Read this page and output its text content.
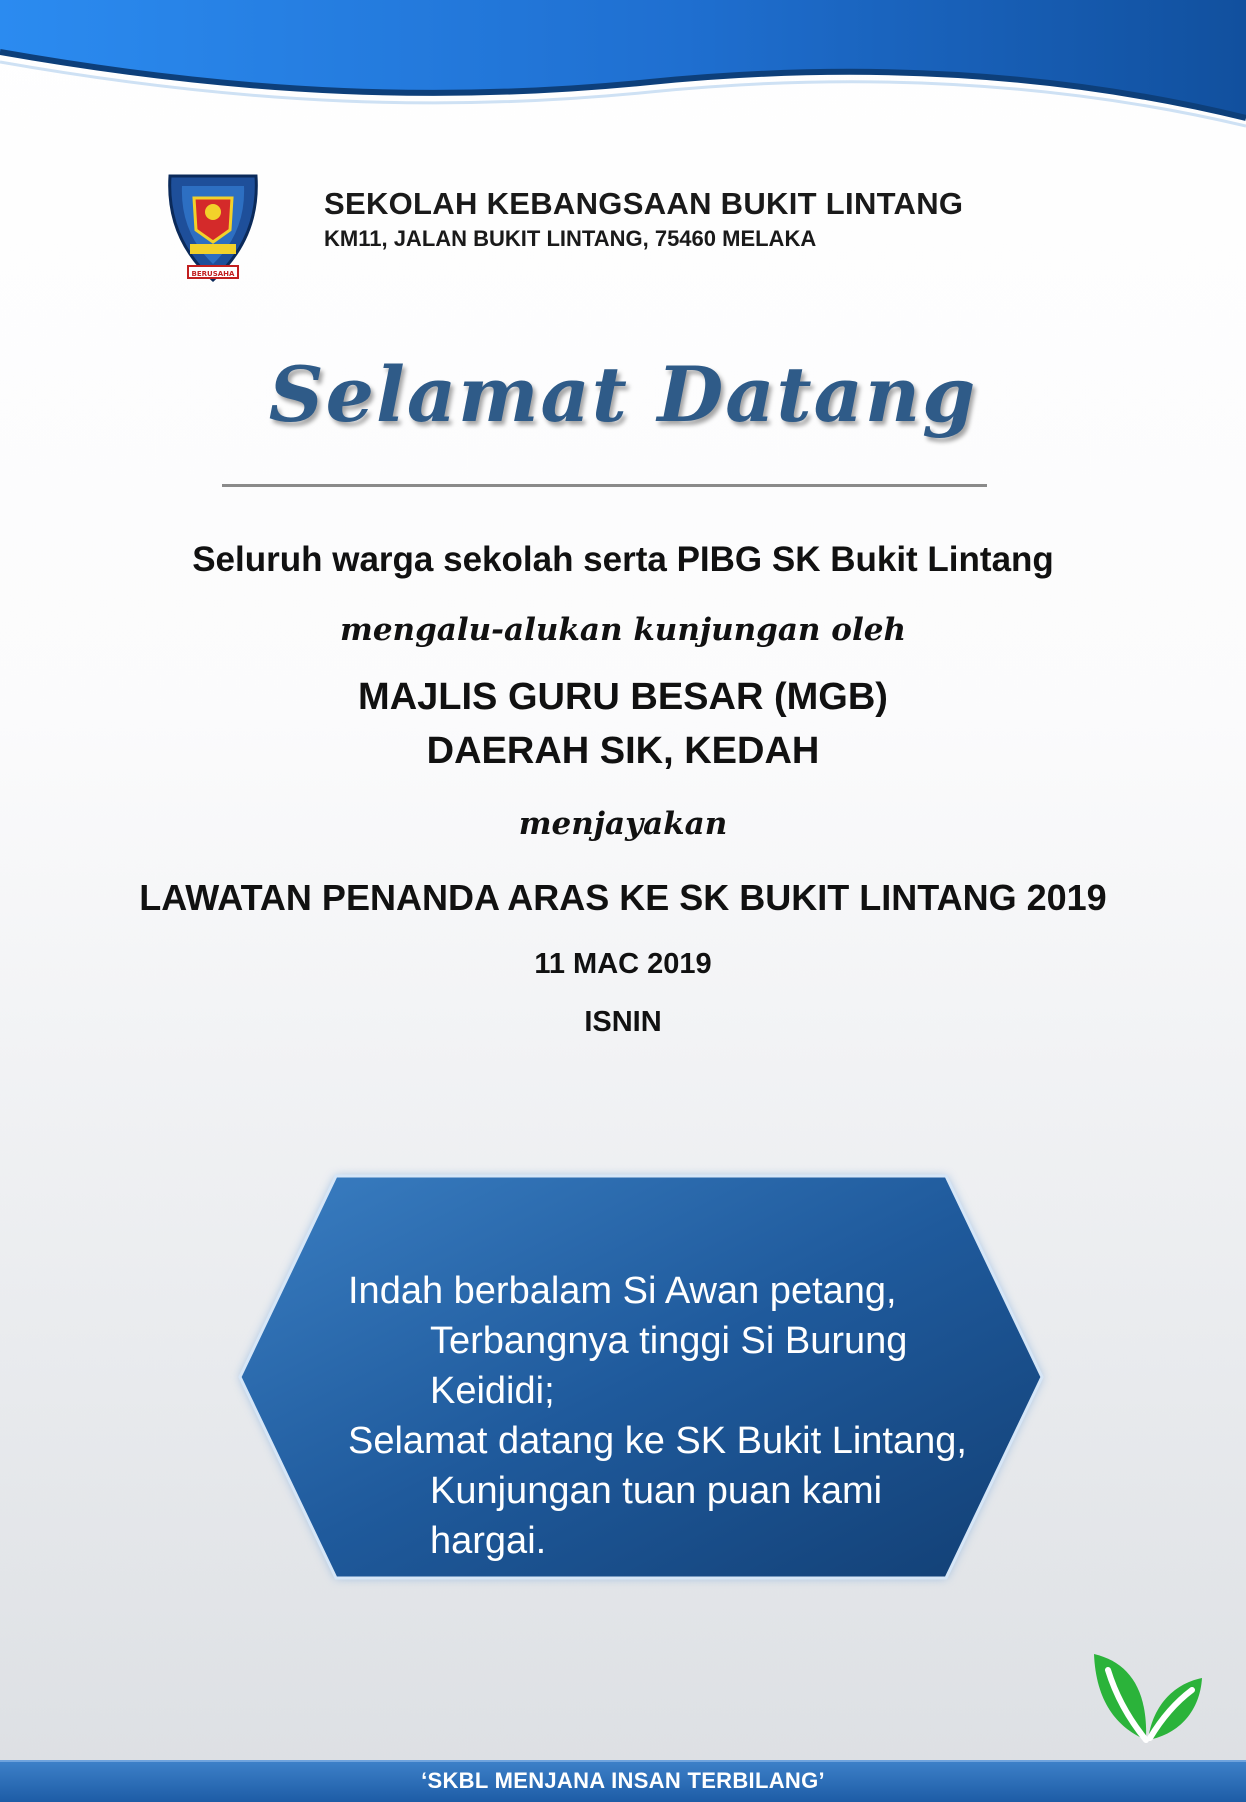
BERUSAHA
SEKOLAH KEBANGSAAN BUKIT LINTANG
KM11, JALAN BUKIT LINTANG, 75460 MELAKA
Selamat Datang
Seluruh warga sekolah serta PIBG SK Bukit Lintang
mengalu-alukan kunjungan oleh
MAJLIS GURU BESAR (MGB)
DAERAH SIK, KEDAH
menjayakan
LAWATAN PENANDA ARAS KE SK BUKIT LINTANG 2019
11 MAC 2019
ISNIN
Indah berbalam Si Awan petang,
Terbangnya tinggi Si Burung Keididi;
Selamat datang ke SK Bukit Lintang,
Kunjungan tuan puan kami hargai.
‘SKBL MENJANA INSAN TERBILANG’
